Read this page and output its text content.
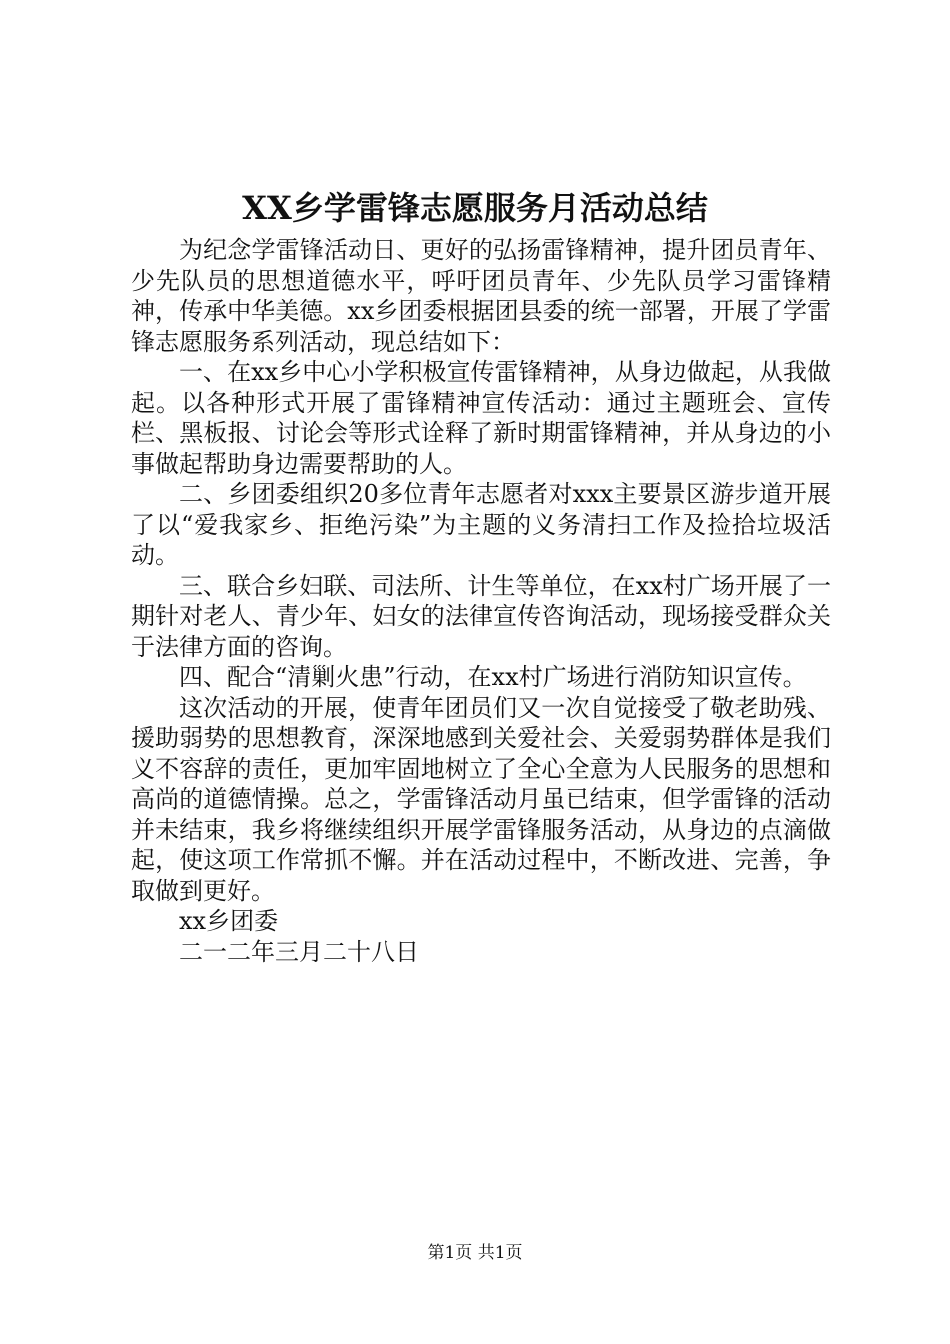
XX乡学雷锋志愿服务月活动总结

为纪念学雷锋活动日、更好的弘扬雷锋精神，提升团员青年、少先队员的思想道德水平，呼吁团员青年、少先队员学习雷锋精神，传承中华美德。xx乡团委根据团县委的统一部署，开展了学雷锋志愿服务系列活动，现总结如下：

一、在xx乡中心小学积极宣传雷锋精神，从身边做起，从我做起。以各种形式开展了雷锋精神宣传活动：通过主题班会、宣传栏、黑板报、讨论会等形式诠释了新时期雷锋精神，并从身边的小事做起帮助身边需要帮助的人。

二、乡团委组织20多位青年志愿者对xxx主要景区游步道开展了以“爱我家乡、拒绝污染”为主题的义务清扫工作及捡拾垃圾活动。

三、联合乡妇联、司法所、计生等单位，在xx村广场开展了一期针对老人、青少年、妇女的法律宣传咨询活动，现场接受群众关于法律方面的咨询。

四、配合“清剿火患”行动，在xx村广场进行消防知识宣传。

这次活动的开展，使青年团员们又一次自觉接受了敬老助残、援助弱势的思想教育，深深地感到关爱社会、关爱弱势群体是我们义不容辞的责任，更加牢固地树立了全心全意为人民服务的思想和高尚的道德情操。总之，学雷锋活动月虽已结束，但学雷锋的活动并未结束，我乡将继续组织开展学雷锋服务活动，从身边的点滴做起，使这项工作常抓不懈。并在活动过程中，不断改进、完善，争取做到更好。

xx乡团委

二一二年三月二十八日

第1页 共1页
